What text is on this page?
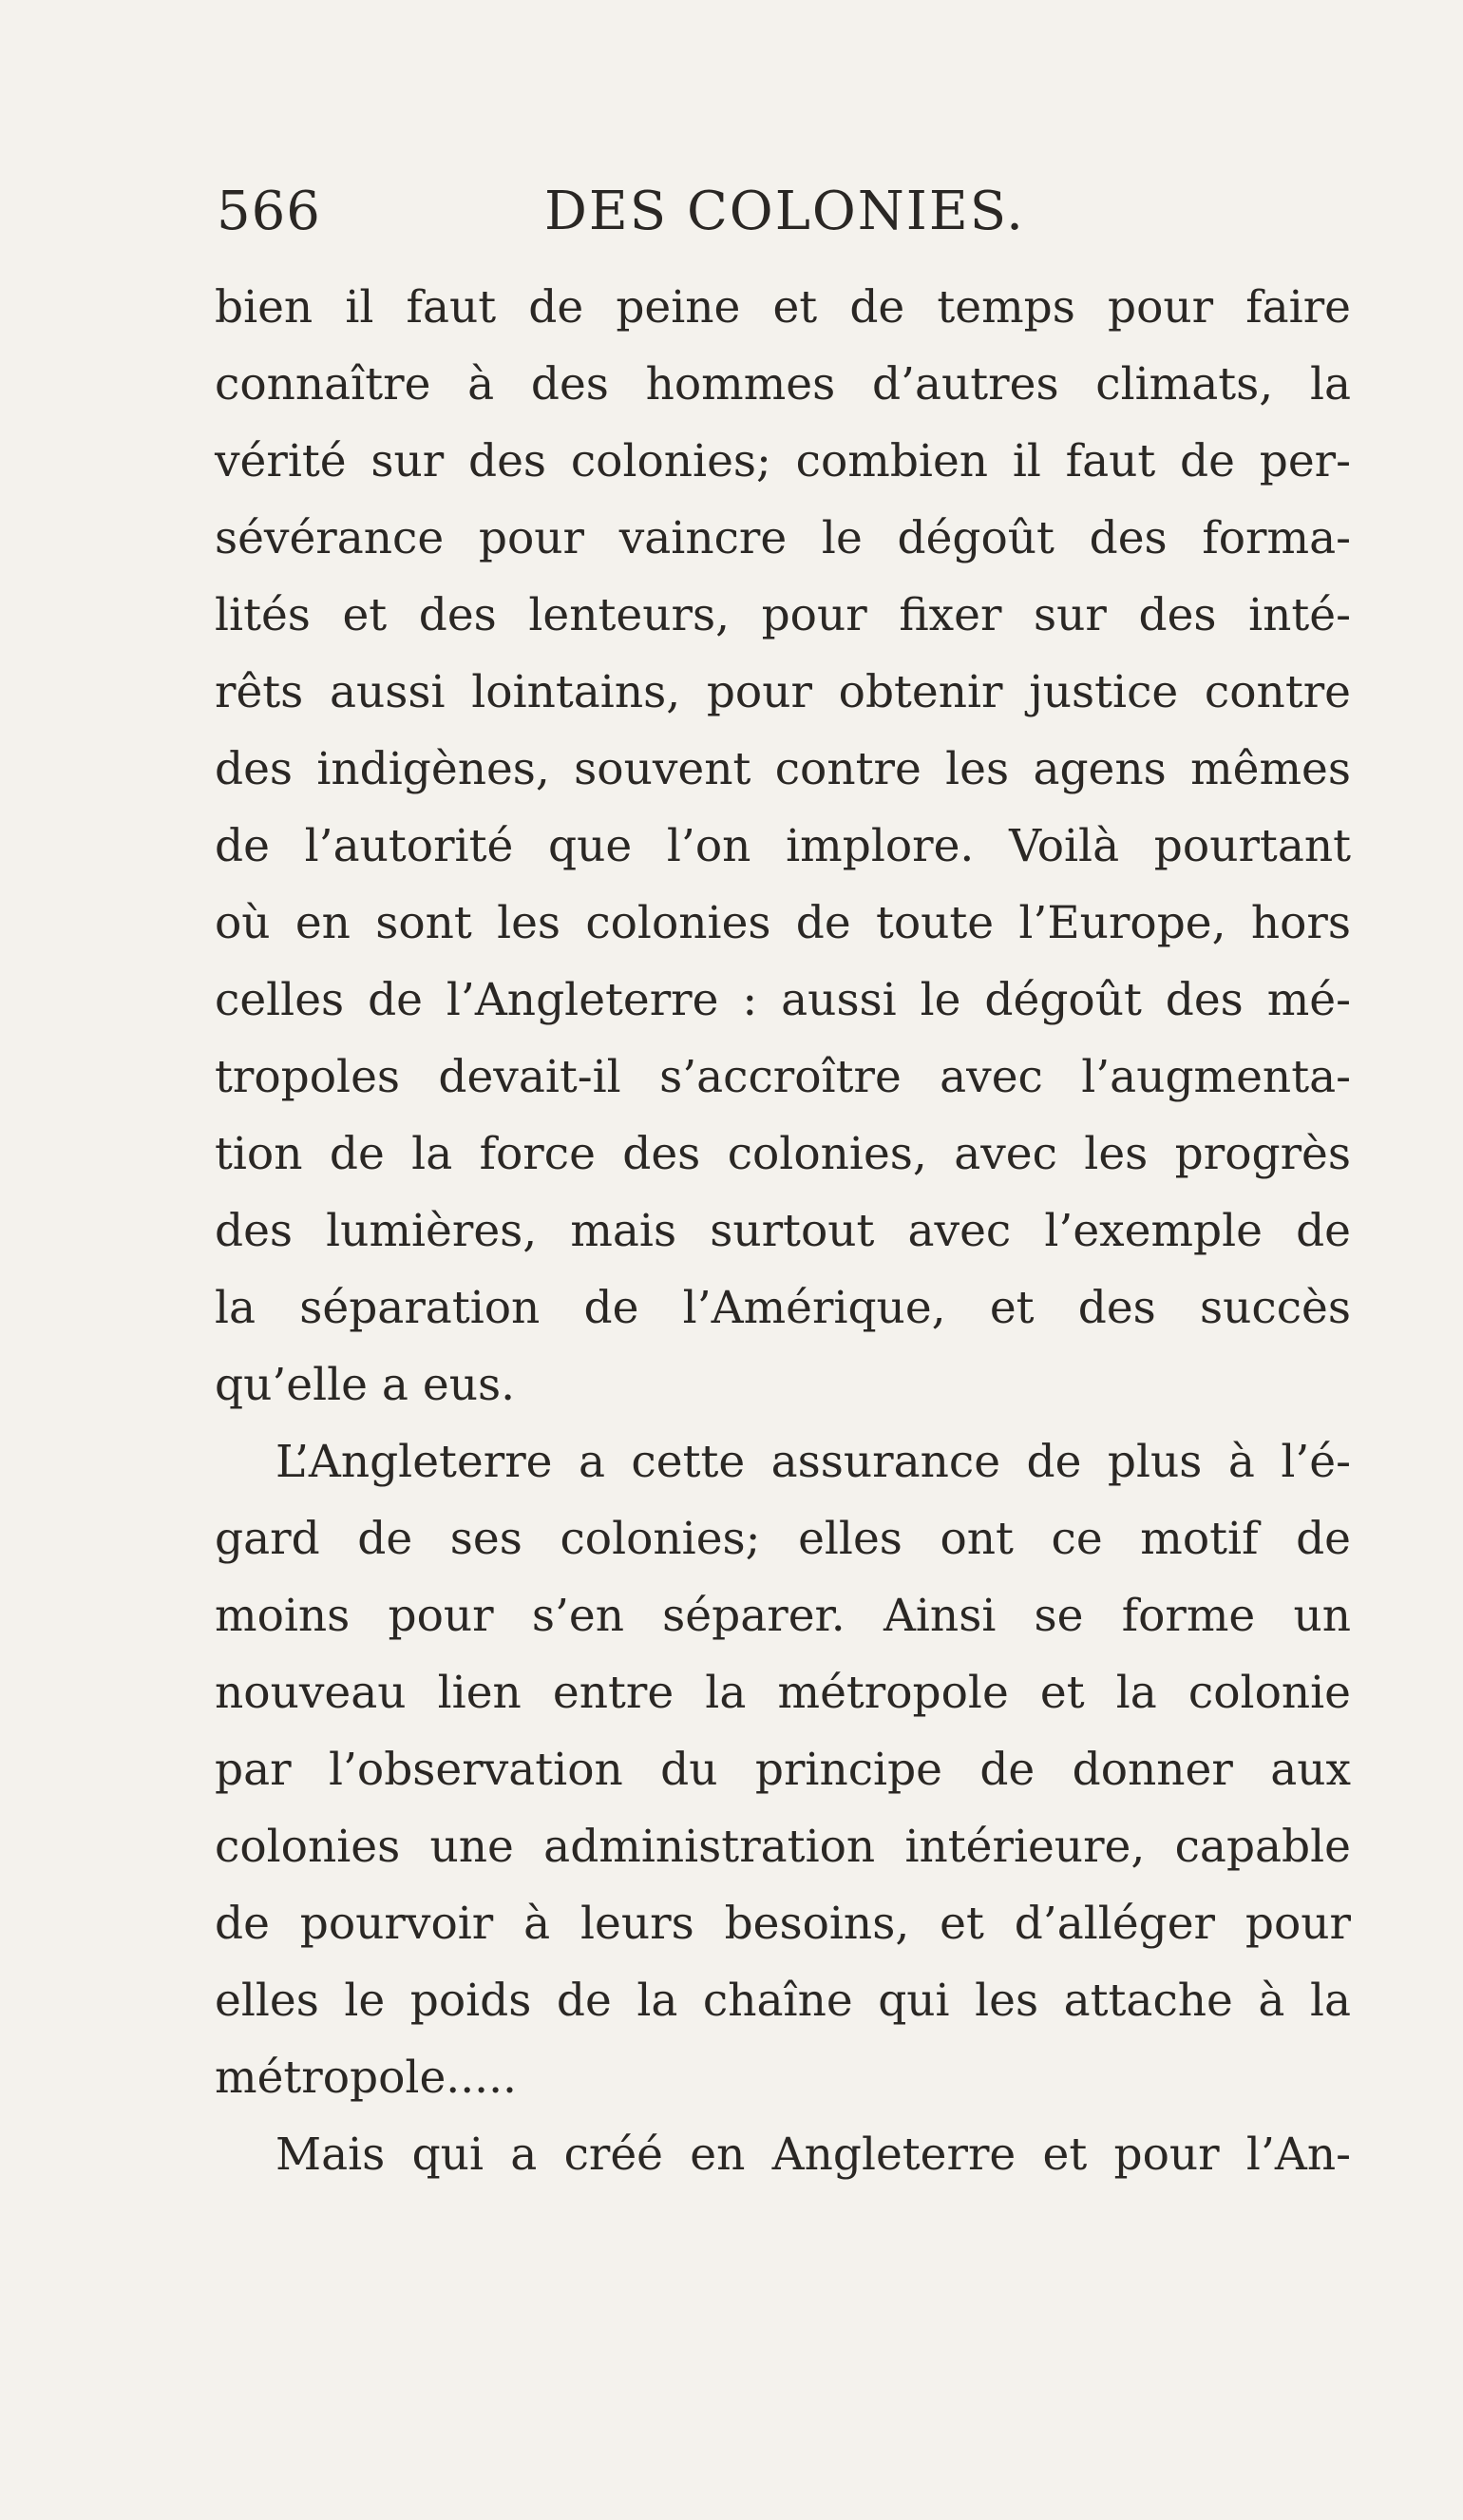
566	DES COLONIES.
bien il faut de peine et de temps pour faire
connaître à des hommes d’autres climats, la
vérité sur des colonies; combien il faut de per-
sévérance pour vaincre le dégoût des forma-
lités et des lenteurs, pour fixer sur des inté-
rêts aussi lointains, pour obtenir justice contre
des indigènes, souvent contre les agens mêmes
de l’autorité que l’on implore. Voilà pourtant
où en sont les colonies de toute l’Europe, hors
celles de l’Angleterre : aussi le dégoût des mé-
tropoles devait-il s’accroître avec l’augmenta-
tion de la force des colonies, avec les progrès
des lumières, mais surtout avec l’exemple de
la séparation de l’Amérique, et des succès
qu’elle a eus.
L’Angleterre a cette assurance de plus à l’é-
gard de ses colonies; elles ont ce motif de
moins pour s’en séparer. Ainsi se forme un
nouveau lien entre la métropole et la colonie
par l’observation du principe de donner aux
colonies une administration intérieure, capable
de pourvoir à leurs besoins, et d’alléger pour
elles le poids de la chaîne qui les attache à la
métropole.....
Mais qui a créé en Angleterre et pour l’An-
